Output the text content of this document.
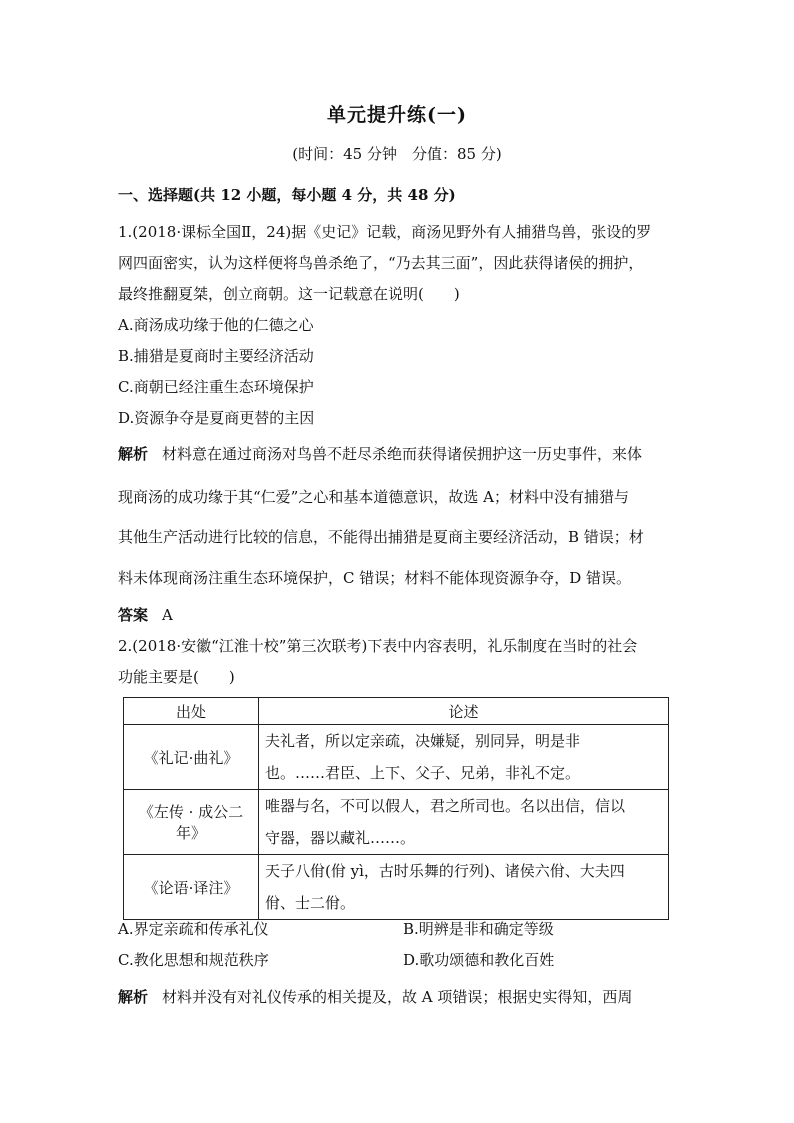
单元提升练(一)
(时间：45 分钟　分值：85 分)
一、选择题(共 12 小题，每小题 4 分，共 48 分)
1.(2018·课标全国Ⅱ，24)据《史记》记载，商汤见野外有人捕猎鸟兽，张设的罗
网四面密实，认为这样便将鸟兽杀绝了，“乃去其三面”，因此获得诸侯的拥护，
最终推翻夏桀，创立商朝。这一记载意在说明(　　)
A.商汤成功缘于他的仁德之心
B.捕猎是夏商时主要经济活动
C.商朝已经注重生态环境保护
D.资源争夺是夏商更替的主因
解析 材料意在通过商汤对鸟兽不赶尽杀绝而获得诸侯拥护这一历史事件，来体
现商汤的成功缘于其“仁爱”之心和基本道德意识，故选 A；材料中没有捕猎与
其他生产活动进行比较的信息，不能得出捕猎是夏商主要经济活动，B 错误；材
料未体现商汤注重生态环境保护，C 错误；材料不能体现资源争夺，D 错误。
答案 A
2.(2018·安徽“江淮十校”第三次联考)下表中内容表明，礼乐制度在当时的社会
功能主要是(　　)
出处	论述
《礼记·曲礼》	夫礼者，所以定亲疏，决嫌疑，别同异，明是非
也。……君臣、上下、父子、兄弟，非礼不定。

《左传 · 成公二年》	唯器与名，不可以假人，君之所司也。名以出信，信以
守器，器以藏礼……。

《论语·译注》	天子八佾(佾 yì，古时乐舞的行列)、诸侯六佾、大夫四
佾、士二佾。
A.界定亲疏和传承礼仪	B.明辨是非和确定等级
C.教化思想和规范秩序	D.歌功颂德和教化百姓
解析 材料并没有对礼仪传承的相关提及，故 A 项错误；根据史实得知，西周
